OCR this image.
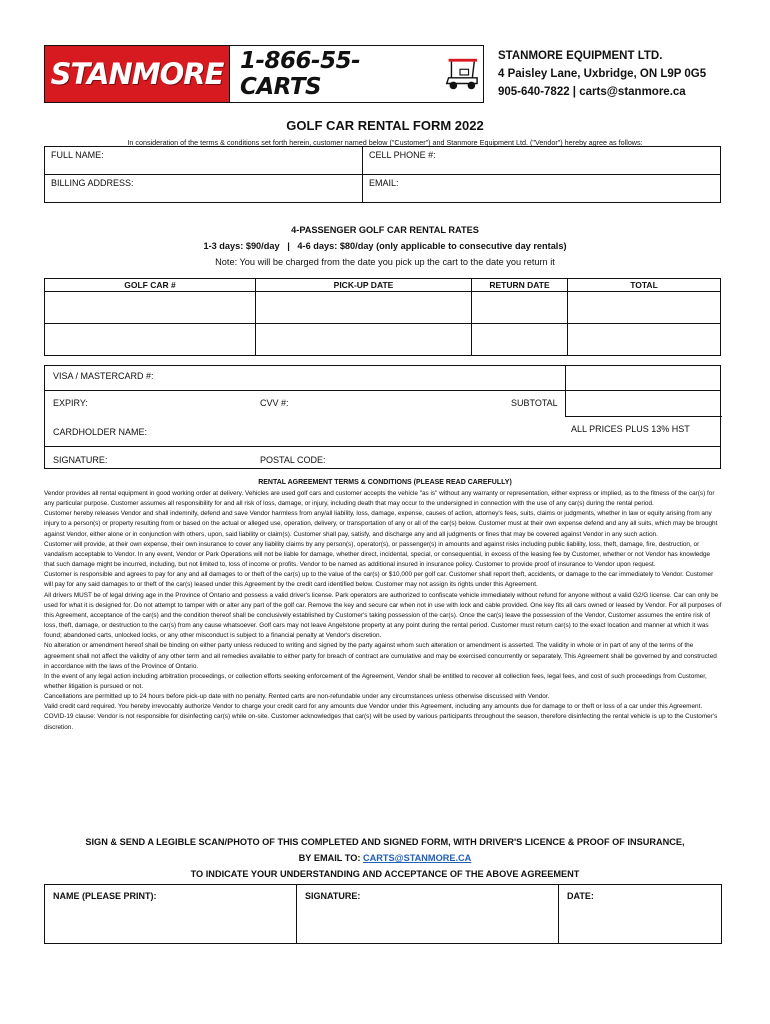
STANMORE 1-866-55-CARTS
STANMORE EQUIPMENT LTD.
4 Paisley Lane, Uxbridge, ON L9P 0G5
905-640-7822 | carts@stanmore.ca
GOLF CAR RENTAL FORM 2022
In consideration of the terms & conditions set forth herein, customer named below ("Customer") and Stanmore Equipment Ltd. ("Vendor") hereby agree as follows:
FULL NAME:	CELL PHONE #:
BILLING ADDRESS:	EMAIL:
4-PASSENGER GOLF CAR RENTAL RATES
1-3 days: $90/day   |   4-6 days: $80/day (only applicable to consecutive day rentals)
Note: You will be charged from the date you pick up the cart to the date you return it
GOLF CAR #	PICK-UP DATE	RETURN DATE	TOTAL

VISA / MASTERCARD #:
EXPIRY:	CVV #:	SUBTOTAL
CARDHOLDER NAME:	ALL PRICES PLUS 13% HST
SIGNATURE:	POSTAL CODE:
RENTAL AGREEMENT TERMS & CONDITIONS (PLEASE READ CAREFULLY)

Vendor provides all rental equipment in good working order at delivery. Vehicles are used golf cars and customer accepts the vehicle "as is" without any warranty or representation, either express or implied, as to the fitness of the car(s) for any particular purpose. Customer assumes all responsibility for and all risk of loss, damage, or injury, including death that may occur to the undersigned in connection with the use of any car(s) during the rental period.

Customer hereby releases Vendor and shall indemnify, defend and save Vendor harmless from any/all liability, loss, damage, expense, causes of action, attorney's fees, suits, claims or judgments, whether in law or equity arising from any injury to a person(s) or property resulting from or based on the actual or alleged use, operation, delivery, or transportation of any or all of the car(s) below. Customer must at their own expense defend and any all suits, which may be brought against Vendor, either alone or in conjunction with others, upon, said liability or claim(s). Customer shall pay, satisfy, and discharge any and all judgments or fines that may be covered against Vendor in any such action.

Customer will provide, at their own expense, their own insurance to cover any liability claims by any person(s), operator(s), or passenger(s) in amounts and against risks including public liability, loss, theft, damage, fire, destruction, or vandalism acceptable to Vendor. In any event, Vendor or Park Operations will not be liable for damage, whether direct, incidental, special, or consequential, in excess of the leasing fee by Customer, whether or not Vendor has knowledge that such damage might be incurred, including, but not limited to, loss of income or profits. Vendor to be named as additional insured in insurance policy. Customer to provide proof of insurance to Vendor upon request.

Customer is responsible and agrees to pay for any and all damages to or theft of the car(s) up to the value of the car(s) or $10,000 per golf car. Customer shall report theft, accidents, or damage to the car immediately to Vendor. Customer will pay for any said damages to or theft of the car(s) leased under this Agreement by the credit card identified below. Customer may not assign its rights under this Agreement.

All drivers MUST be of legal driving age in the Province of Ontario and possess a valid driver's license. Park operators are authorized to confiscate vehicle immediately without refund for anyone without a valid G2/G license. Car can only be used for what it is designed for. Do not attempt to tamper with or alter any part of the golf car. Remove the key and secure car when not in use with lock and cable provided. One key fits all cars owned or leased by Vendor. For all purposes of this Agreement, acceptance of the car(s) and the condition thereof shall be conclusively established by Customer's taking possession of the car(s). Once the car(s) leave the possession of the Vendor, Customer assumes the entire risk of loss, theft, damage, or destruction to the car(s) from any cause whatsoever. Golf cars may not leave Angelstone property at any point during the rental period. Customer must return car(s) to the exact location and manner at which it was found; abandoned carts, unlocked locks, or any other misconduct is subject to a financial penalty at Vendor's discretion.

No alteration or amendment hereof shall be binding on either party unless reduced to writing and signed by the party against whom such alteration or amendment is asserted. The validity in whole or in part of any of the terms of the agreement shall not affect the validity of any other term and all remedies available to either party for breach of contract are cumulative and may be exercised concurrently or separately. This Agreement shall be governed by and constructed in accordance with the laws of the Province of Ontario.

In the event of any legal action including arbitration proceedings, or collection efforts seeking enforcement of the Agreement, Vendor shall be entitled to recover all collection fees, legal fees, and cost of such proceedings from Customer, whether litigation is pursued or not.

Cancellations are permitted up to 24 hours before pick-up date with no penalty. Rented carts are non-refundable under any circumstances unless otherwise discussed with Vendor.

Valid credit card required. You hereby irrevocably authorize Vendor to charge your credit card for any amounts due Vendor under this Agreement, including any amounts due for damage to or theft or loss of a car under this Agreement.

COVID-19 clause: Vendor is not responsible for disinfecting car(s) while on-site. Customer acknowledges that car(s) will be used by various participants throughout the season, therefore disinfecting the rental vehicle is up to the Customer's discretion.

SIGN & SEND A LEGIBLE SCAN/PHOTO OF THIS COMPLETED AND SIGNED FORM, WITH DRIVER'S LICENCE & PROOF OF INSURANCE,
BY EMAIL TO: CARTS@STANMORE.CA
TO INDICATE YOUR UNDERSTANDING AND ACCEPTANCE OF THE ABOVE AGREEMENT
NAME (PLEASE PRINT):	SIGNATURE:	DATE:
